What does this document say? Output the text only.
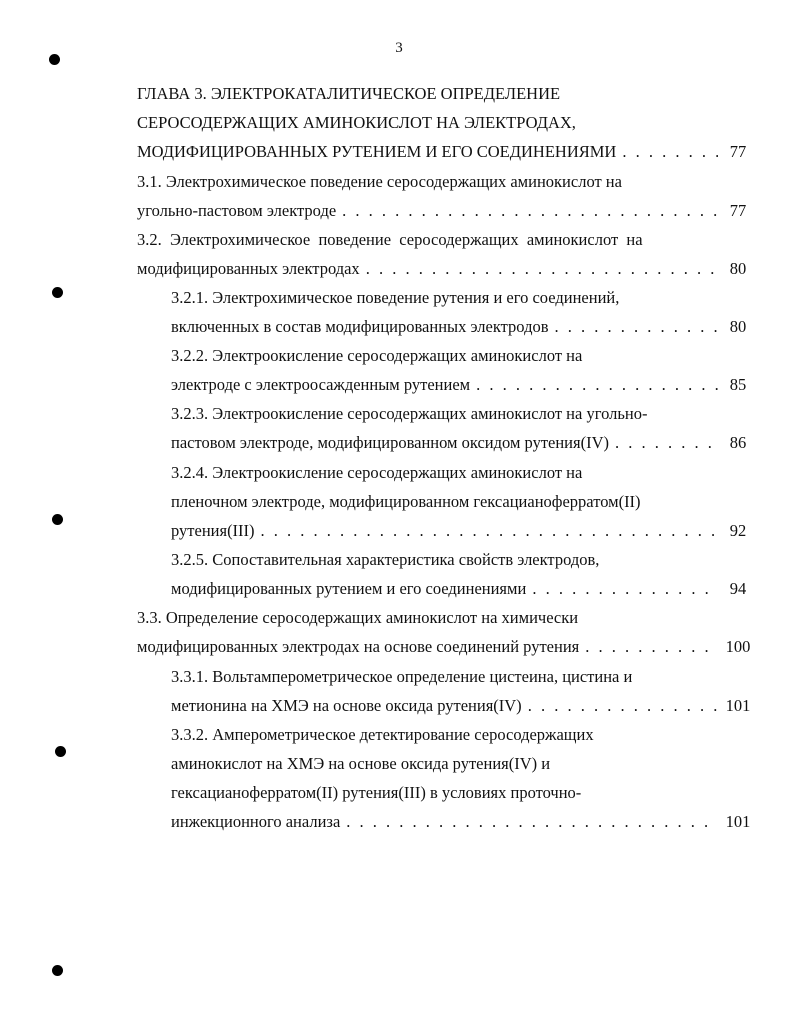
3
ГЛАВА 3. ЭЛЕКТРОКАТАЛИТИЧЕСКОЕ ОПРЕДЕЛЕНИЕ
СЕРОСОДЕРЖАЩИХ АМИНОКИСЛОТ НА ЭЛЕКТРОДАХ,
МОДИФИЦИРОВАННЫХ РУТЕНИЕМ И ЕГО СОЕДИНЕНИЯМИ . . .	77
3.1. Электрохимическое поведение серосодержащих аминокислот на
угольно-пастовом электроде . . .	77
3.2.  Электрохимическое  поведение  серосодержащих  аминокислот  на
модифицированных электродах . . .	80
3.2.1. Электрохимическое поведение рутения и его соединений,
включенных в состав модифицированных электродов . . .	80
3.2.2. Электроокисление серосодержащих аминокислот на
электроде с электроосажденным рутением . . .	85
3.2.3. Электроокисление серосодержащих аминокислот на угольно-
пастовом электроде, модифицированном оксидом рутения(IV) . . .	86
3.2.4. Электроокисление серосодержащих аминокислот на
пленочном электроде, модифицированном гексацианоферратом(II)
рутения(III) . . .	92
3.2.5. Сопоставительная характеристика свойств электродов,
модифицированных рутением и его соединениями . . .	94
3.3. Определение серосодержащих аминокислот на химически
модифицированных электродах на основе соединений рутения . . .	100
3.3.1. Вольтамперометрическое определение цистеина, цистина и
метионина на ХМЭ на основе оксида рутения(IV) . . .	101
3.3.2. Амперометрическое детектирование серосодержащих
аминокислот на ХМЭ на основе оксида рутения(IV) и
гексацианоферратом(II) рутения(III) в условиях проточно-
инжекционного анализа . . .	101
